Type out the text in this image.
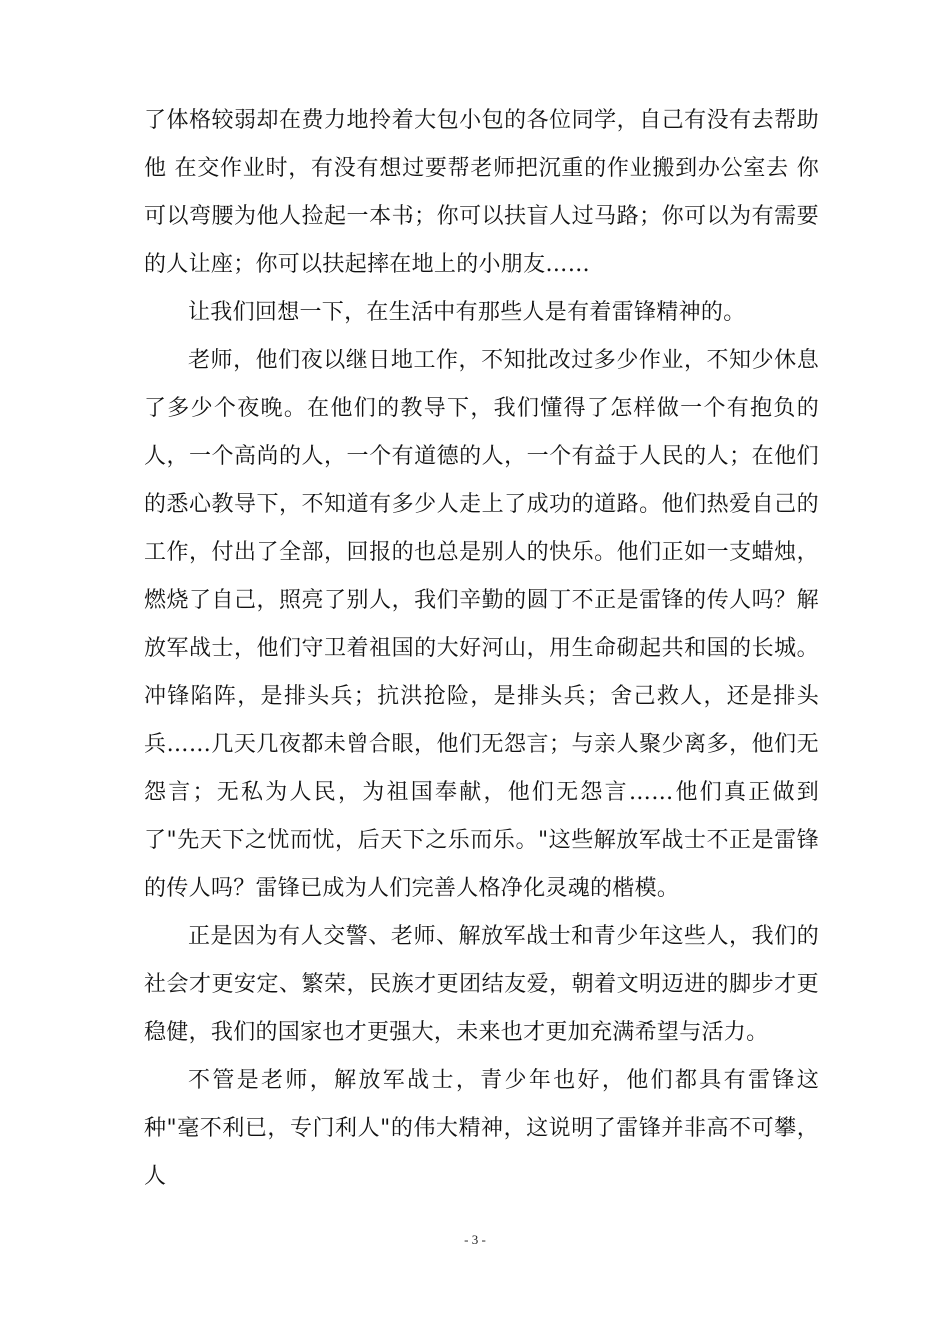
了体格较弱却在费力地拎着大包小包的各位同学，自己有没有去帮助他 在交作业时，有没有想过要帮老师把沉重的作业搬到办公室去 你可以弯腰为他人捡起一本书；你可以扶盲人过马路；你可以为有需要的人让座；你可以扶起摔在地上的小朋友……

让我们回想一下，在生活中有那些人是有着雷锋精神的。

老师，他们夜以继日地工作，不知批改过多少作业，不知少休息了多少个夜晚。在他们的教导下，我们懂得了怎样做一个有抱负的人，一个高尚的人，一个有道德的人，一个有益于人民的人；在他们的悉心教导下，不知道有多少人走上了成功的道路。他们热爱自己的工作，付出了全部，回报的也总是别人的快乐。他们正如一支蜡烛，燃烧了自己，照亮了别人，我们辛勤的圆丁不正是雷锋的传人吗？解放军战士，他们守卫着祖国的大好河山，用生命砌起共和国的长城。冲锋陷阵，是排头兵；抗洪抢险，是排头兵；舍己救人，还是排头兵……几天几夜都未曾合眼，他们无怨言；与亲人聚少离多，他们无怨言；无私为人民，为祖国奉献，他们无怨言……他们真正做到了"先天下之忧而忧，后天下之乐而乐。"这些解放军战士不正是雷锋的传人吗？雷锋已成为人们完善人格净化灵魂的楷模。

正是因为有人交警、老师、解放军战士和青少年这些人，我们的社会才更安定、繁荣，民族才更团结友爱，朝着文明迈进的脚步才更稳健，我们的国家也才更强大，未来也才更加充满希望与活力。

不管是老师，解放军战士，青少年也好，他们都具有雷锋这种"毫不利已，专门利人"的伟大精神，这说明了雷锋并非高不可攀，人

- 3 -
